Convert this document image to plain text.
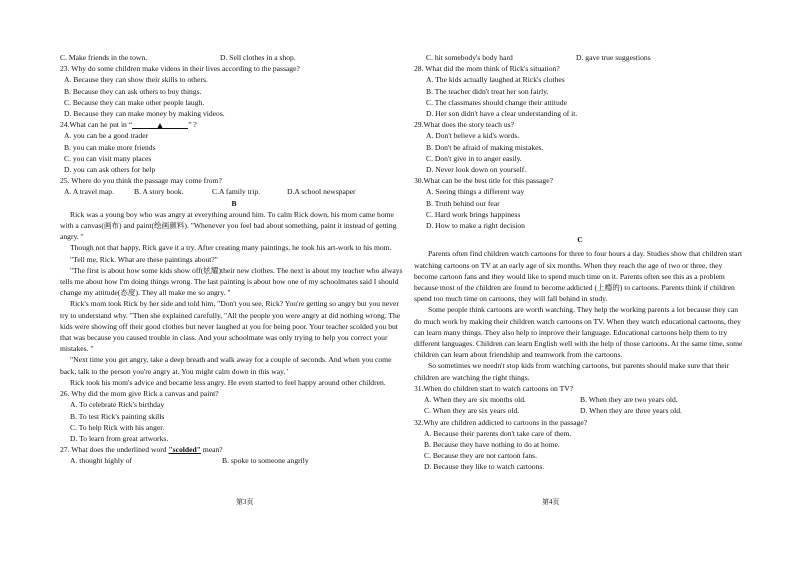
C. Make friends in the town.	D. Sell clothes in a shop.

23. Why do some children make videos in their lives according to the passage?

A. Because they can show their skills to others.

B. Because they can ask others to buy things.

C. Because they can make other people laugh.

D. Because they can make money by making videos.

24.What can he put in “	” ?

A. you can be a good trader

B. you can make more friends

C. you can visit many places

D. you can ask others for help

25. Where do you think the passage may come from?

A. A travel map.	B. A story book.	C.A family trip.	D.A school newspaper

B

Rick was a young boy who was angry at everything around him. To calm Rick down, his mom came home with a canvas(画布) and paint(绘画颜料). "Whenever you feel bad about something, paint it instead of getting angry. "

Though not that happy, Rick gave it a try. After creating many paintings, he took his art-work to his mom.

"Tell me, Rick. What are these paintings about?"

"The first is about how some kids show off(炫耀)their new clothes. The next is about my teacher who always tells me about how I'm doing things wrong. The last painting is about how one of my schoolmates said I should change my attitude(态度). They all make me so angry. "

Rick's mom took Rick by her side and told him, "Don't you see, Rick? You're getting so angry but you never try to understand why. "Then she explained carefully, "All the people you were angry at did nothing wrong. The kids were showing off their good clothes but never laughed at you for being poor. Your teacher scolded you but that was because you caused trouble in class. And your schoolmate was only trying to help you correct your mistakes. "

"Next time you get angry, take a deep breath and walk away for a couple of seconds. And when you come back, talk to the person you're angry at. You might calm down in this way. '

Rick took his mom's advice and became less angry. He even started to feel happy around other children.

26. Why did the mom give Rick a canvas and paint?

A. To celebrate Rick's birthday

B. To test Rick's painting skills

C. To help Rick with his anger.

D. To learn from great artworks.

27. What does the underlined word "scolded" mean?

A. thought highly of	B. spoke to someone angrily
第3页
C. hit somebody's body hard	D. gave true suggestions

28. What did the mom think of Rick's situation?

A. The kids actually laughed at Rick's clothes

B. The teacher didn't treat her son fairly.

C. The classmates should change their attitude

D. Her son didn't have a clear understanding of it.

29.What does the story teach us?

A. Don't believe a kid's words.

B. Don't be afraid of making mistakes.

C. Don't give in to anger easily.

D. Never look down on yourself.

30.What can be the best title for this passage?

A. Seeing things a different way

B. Truth behind our fear

C. Hard work brings happiness

D. How to make a right decision

C

Parents often find children watch cartoons for three to four hours a day. Studies show that children start watching cartoons on TV at an early age of six months. When they reach the age of two or three, they become cartoon fans and they would like to spend much time on it. Parents often see this as a problem because most of the children are found to become addicted (上瘾的) to cartoons. Parents think if children spend too much time on cartoons, they will fall behind in study.

Some people think cartoons are worth watching. They help the working parents a lot because they can do much work by making their children watch cartoons on TV. When they watch educational cartoons, they can learn many things. They also help to improve their language. Educational cartoons help them to try different languages. Children can learn English well with the help of those cartoons. At the same time, some children can learn about friendship and teamwork from the cartoons.

So sometimes we needn't stop kids from watching cartoons, but parents should make sure that their children are watching the right things.

31.When do children start to watch cartoons on TV?

A. When they are six months old.	B. When they are two years old.
C. When they are six years old.	D. When they are three years old.

32.Why are children addicted to cartoons in the passage?

A. Because their parents don't take care of them.

B. Because they have nothing to do at home.

C. Because they are not cartoon fans.

D. Because they like to watch cartoons.

第4页
